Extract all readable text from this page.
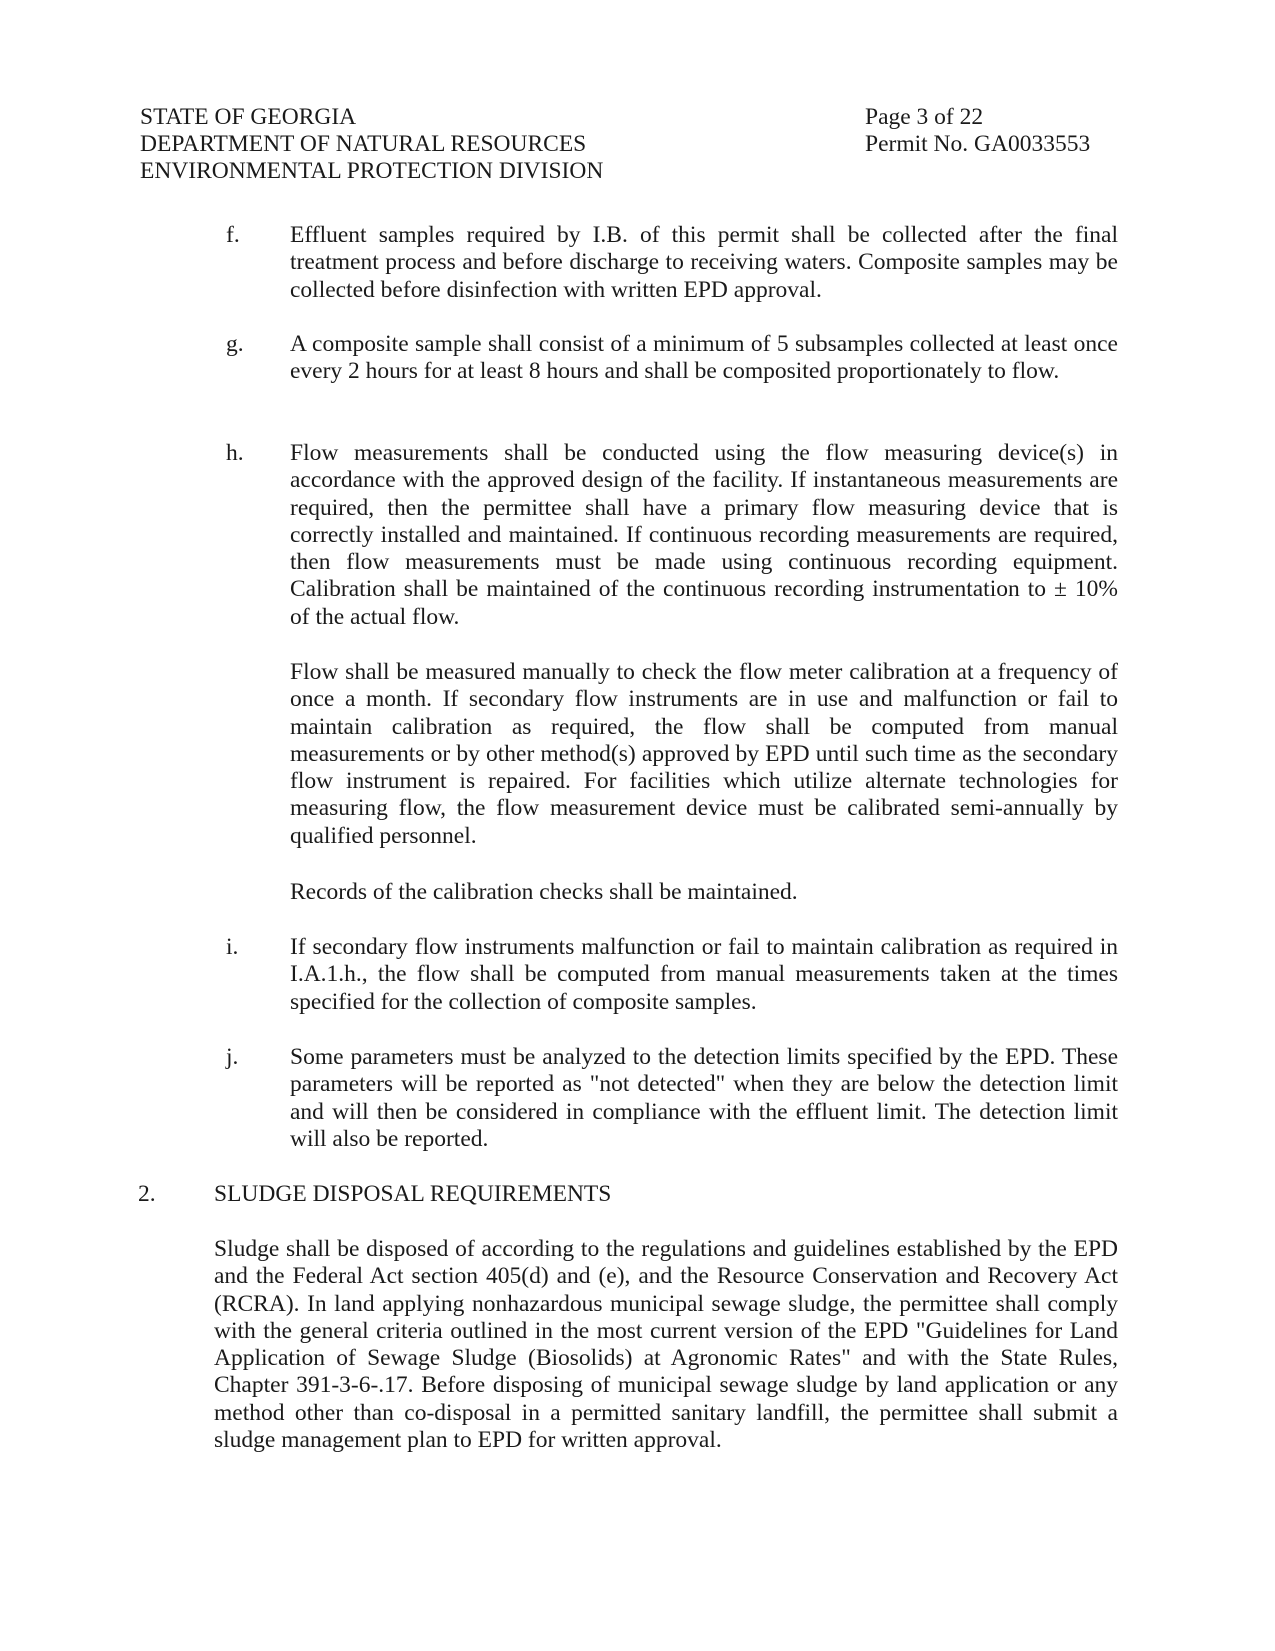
STATE OF GEORGIA
DEPARTMENT OF NATURAL RESOURCES
ENVIRONMENTAL PROTECTION DIVISION
Page 3 of 22
Permit No. GA0033553
f. Effluent samples required by I.B. of this permit shall be collected after the final treatment process and before discharge to receiving waters. Composite samples may be collected before disinfection with written EPD approval.

g. A composite sample shall consist of a minimum of 5 subsamples collected at least once every 2 hours for at least 8 hours and shall be composited proportionately to flow.

h. Flow measurements shall be conducted using the flow measuring device(s) in accordance with the approved design of the facility. If instantaneous measurements are required, then the permittee shall have a primary flow measuring device that is correctly installed and maintained. If continuous recording measurements are required, then flow measurements must be made using continuous recording equipment. Calibration shall be maintained of the continuous recording instrumentation to ± 10% of the actual flow.

Flow shall be measured manually to check the flow meter calibration at a frequency of once a month. If secondary flow instruments are in use and malfunction or fail to maintain calibration as required, the flow shall be computed from manual measurements or by other method(s) approved by EPD until such time as the secondary flow instrument is repaired. For facilities which utilize alternate technologies for measuring flow, the flow measurement device must be calibrated semi-annually by qualified personnel.

Records of the calibration checks shall be maintained.

i. If secondary flow instruments malfunction or fail to maintain calibration as required in I.A.1.h., the flow shall be computed from manual measurements taken at the times specified for the collection of composite samples.

j. Some parameters must be analyzed to the detection limits specified by the EPD. These parameters will be reported as "not detected" when they are below the detection limit and will then be considered in compliance with the effluent limit. The detection limit will also be reported.

2. SLUDGE DISPOSAL REQUIREMENTS

Sludge shall be disposed of according to the regulations and guidelines established by the EPD and the Federal Act section 405(d) and (e), and the Resource Conservation and Recovery Act (RCRA). In land applying nonhazardous municipal sewage sludge, the permittee shall comply with the general criteria outlined in the most current version of the EPD "Guidelines for Land Application of Sewage Sludge (Biosolids) at Agronomic Rates" and with the State Rules, Chapter 391-3-6-.17. Before disposing of municipal sewage sludge by land application or any method other than co-disposal in a permitted sanitary landfill, the permittee shall submit a sludge management plan to EPD for written approval.
